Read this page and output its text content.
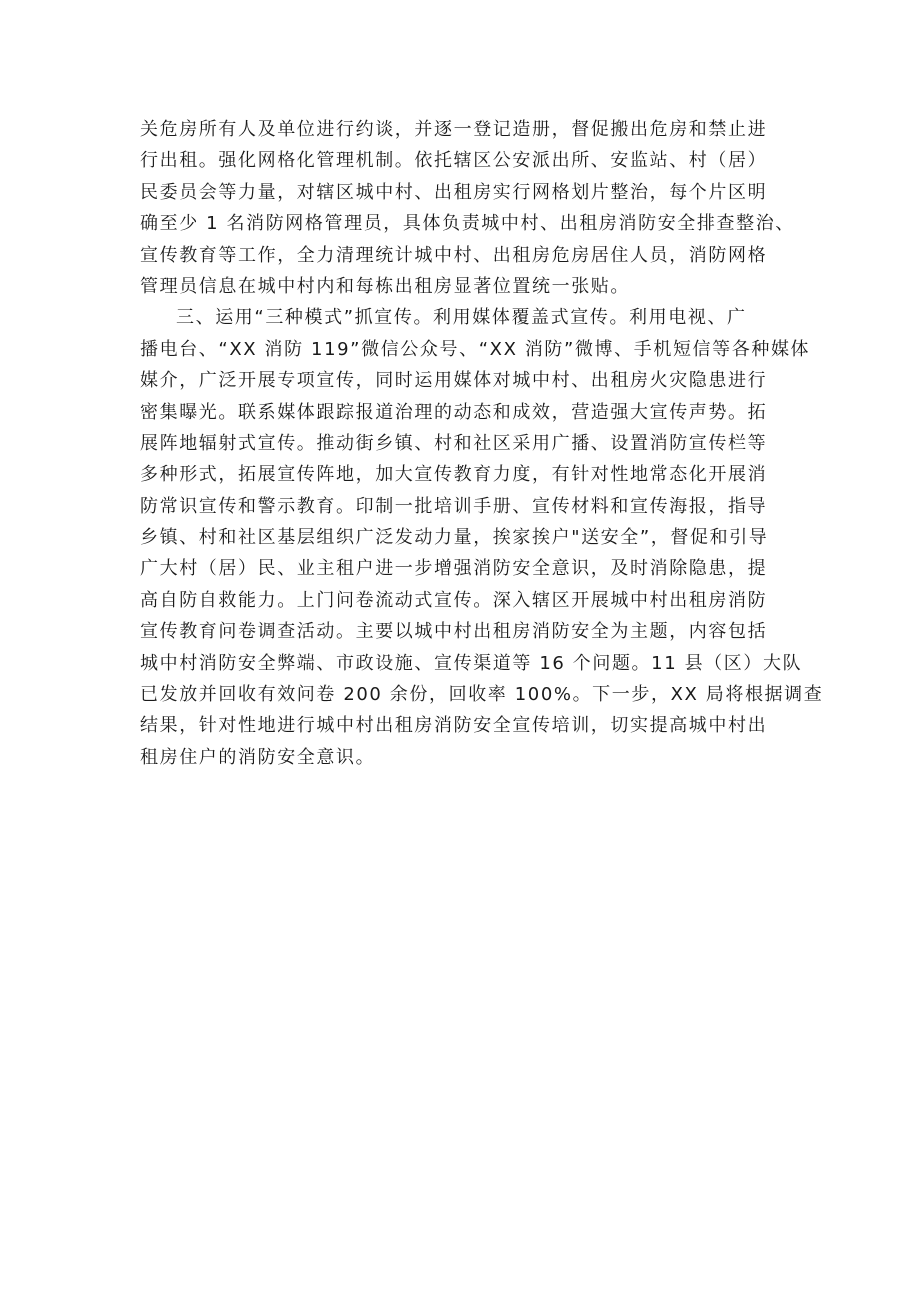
关危房所有人及单位进行约谈，并逐一登记造册，督促搬出危房和禁止进
行出租。强化网格化管理机制。依托辖区公安派出所、安监站、村（居）
民委员会等力量，对辖区城中村、出租房实行网格划片整治，每个片区明
确至少 1 名消防网格管理员，具体负责城中村、出租房消防安全排查整治、
宣传教育等工作，全力清理统计城中村、出租房危房居住人员，消防网格
管理员信息在城中村内和每栋出租房显著位置统一张贴。
三、运用“三种模式”抓宣传。利用媒体覆盖式宣传。利用电视、广
播电台、“XX 消防 119”微信公众号、“XX 消防”微博、手机短信等各种媒体
媒介，广泛开展专项宣传，同时运用媒体对城中村、出租房火灾隐患进行
密集曝光。联系媒体跟踪报道治理的动态和成效，营造强大宣传声势。拓
展阵地辐射式宣传。推动街乡镇、村和社区采用广播、设置消防宣传栏等
多种形式，拓展宣传阵地，加大宣传教育力度，有针对性地常态化开展消
防常识宣传和警示教育。印制一批培训手册、宣传材料和宣传海报，指导
乡镇、村和社区基层组织广泛发动力量，挨家挨户"送安全”，督促和引导
广大村（居）民、业主租户进一步增强消防安全意识，及时消除隐患，提
高自防自救能力。上门问卷流动式宣传。深入辖区开展城中村出租房消防
宣传教育问卷调查活动。主要以城中村出租房消防安全为主题，内容包括
城中村消防安全弊端、市政设施、宣传渠道等 16 个问题。11 县（区）大队
已发放并回收有效问卷 200 余份，回收率 100%。下一步，XX 局将根据调查
结果，针对性地进行城中村出租房消防安全宣传培训，切实提高城中村出
租房住户的消防安全意识。
